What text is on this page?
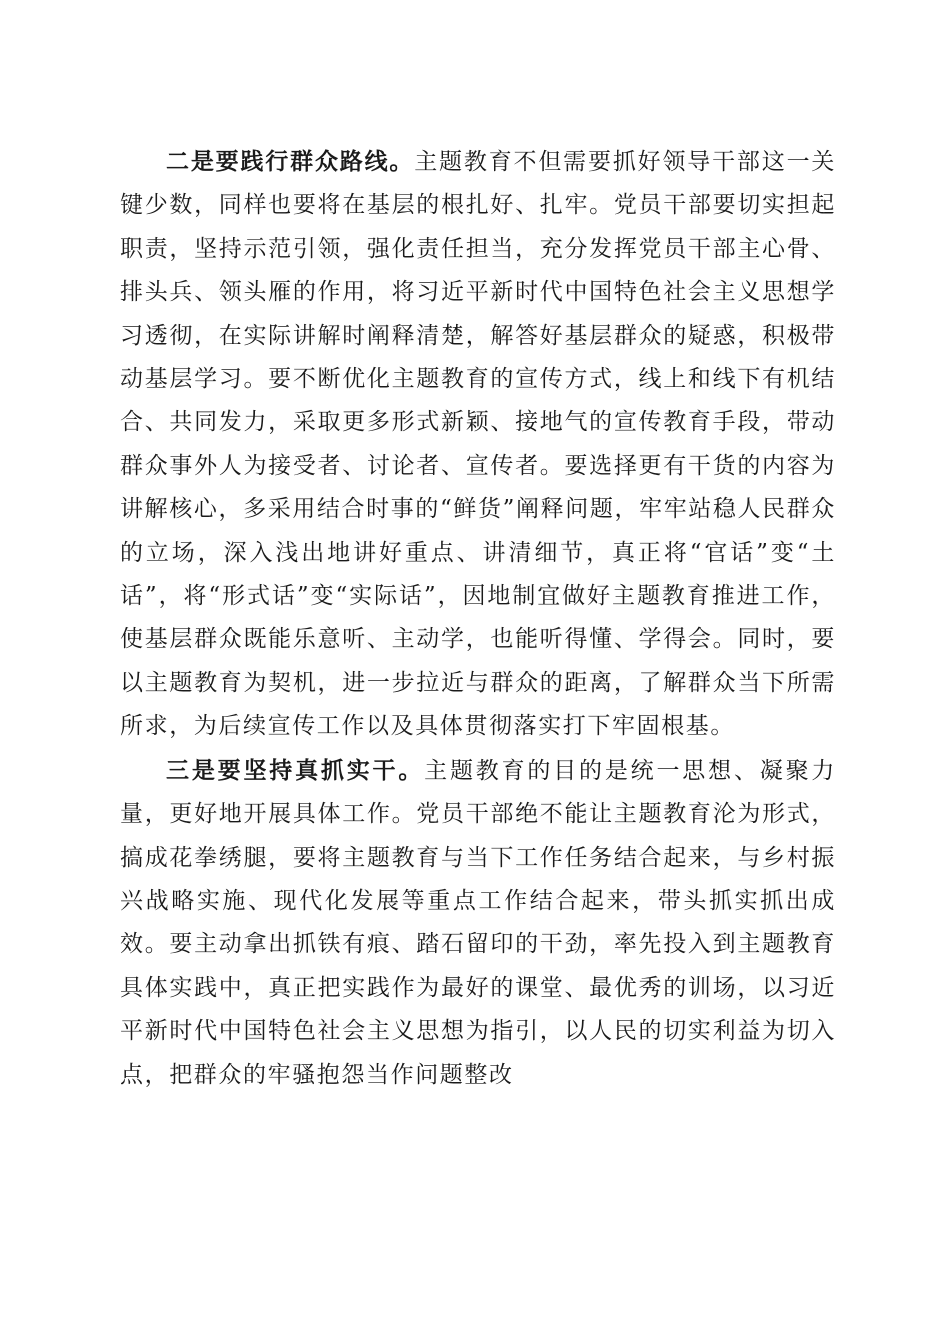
二是要践行群众路线。主题教育不但需要抓好领导干部这一关键少数，同样也要将在基层的根扎好、扎牢。党员干部要切实担起职责，坚持示范引领，强化责任担当，充分发挥党员干部主心骨、排头兵、领头雁的作用，将习近平新时代中国特色社会主义思想学习透彻，在实际讲解时阐释清楚，解答好基层群众的疑惑，积极带动基层学习。要不断优化主题教育的宣传方式，线上和线下有机结合、共同发力，采取更多形式新颖、接地气的宣传教育手段，带动群众事外人为接受者、讨论者、宣传者。要选择更有干货的内容为讲解核心，多采用结合时事的“鲜货”阐释问题，牢牢站稳人民群众的立场，深入浅出地讲好重点、讲清细节，真正将“官话”变“土话”，将“形式话”变“实际话”，因地制宜做好主题教育推进工作，使基层群众既能乐意听、主动学，也能听得懂、学得会。同时，要以主题教育为契机，进一步拉近与群众的距离，了解群众当下所需所求，为后续宣传工作以及具体贯彻落实打下牢固根基。

三是要坚持真抓实干。主题教育的目的是统一思想、凝聚力量，更好地开展具体工作。党员干部绝不能让主题教育沦为形式，搞成花拳绣腿，要将主题教育与当下工作任务结合起来，与乡村振兴战略实施、现代化发展等重点工作结合起来，带头抓实抓出成效。要主动拿出抓铁有痕、踏石留印的干劲，率先投入到主题教育具体实践中，真正把实践作为最好的课堂、最优秀的训场，以习近平新时代中国特色社会主义思想为指引，以人民的切实利益为切入点，把群众的牢骚抱怨当作问题整改
